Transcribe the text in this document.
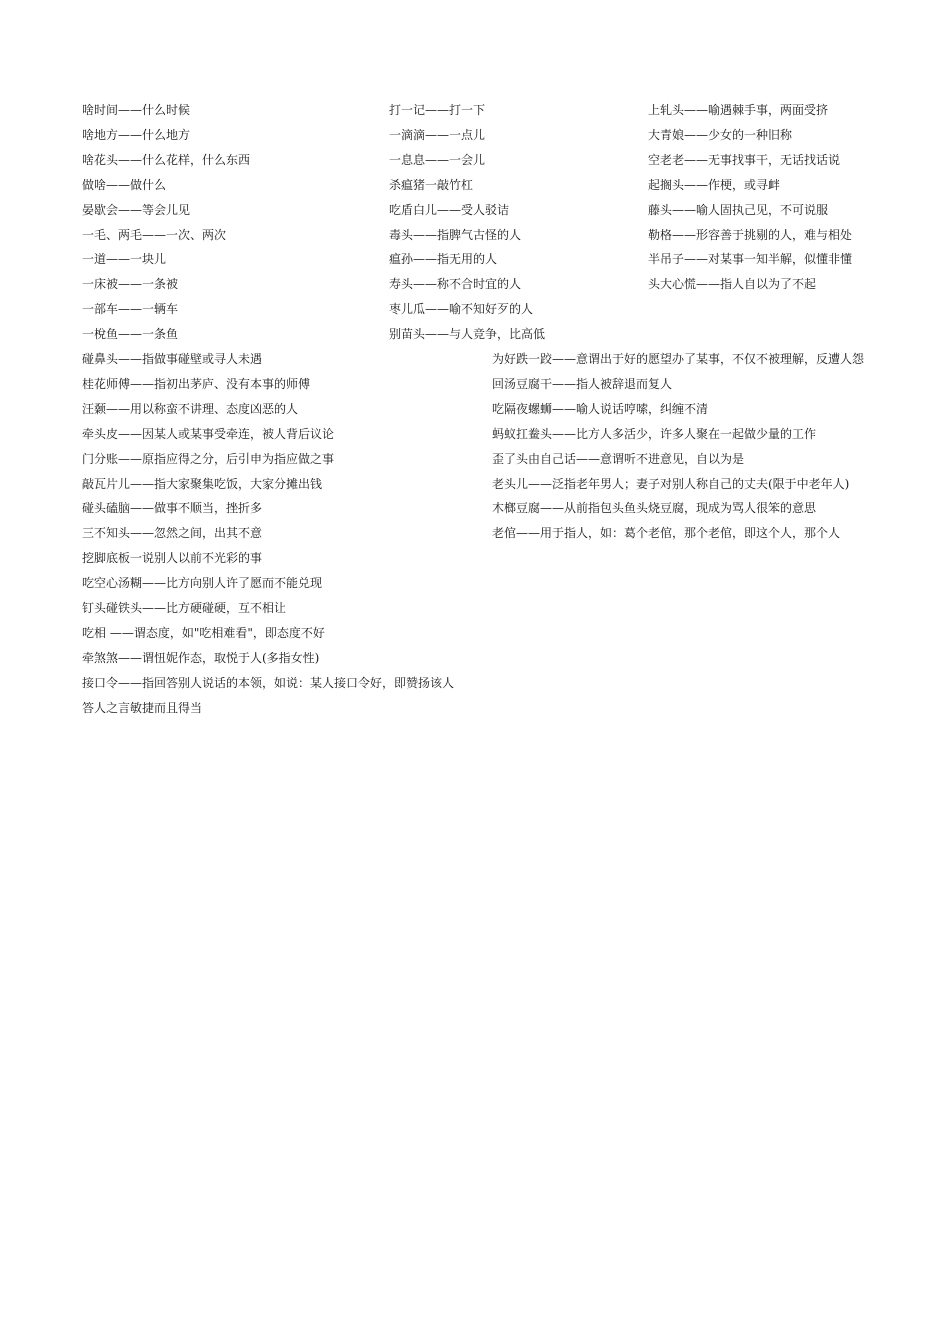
啥时间——什么时候
啥地方——什么地方
啥花头——什么花样，什么东西
做啥——做什么
晏歇会——等会儿见
一毛、两毛——一次、两次
一道——一块儿
一床被——一条被
一部车——一辆车
一梲鱼——一条鱼
打一记——打一下
一滴滴——一点儿
一息息——一会儿
杀瘟猪一敲竹杠
吃盾白儿——受人驳诘
毒头——指脾气古怪的人
瘟孙——指无用的人
寿头——称不合时宜的人
枣儿瓜——喻不知好歹的人
别苗头——与人竞争，比高低
上轧头——喻遇棘手事，两面受挤
大青娘——少女的一种旧称
空老老——无事找事干，无话找话说
起搁头——作梗，或寻衅
藤头——喻人固执己见，不可说服
勒格——形容善于挑剔的人，难与相处
半吊子——对某事一知半解，似懂非懂
头大心慌——指人自以为了不起
碰鼻头——指做事碰壁或寻人未遇
桂花师傅——指初出茅庐、没有本事的师傅
汪颡——用以称蛮不讲理、态度凶恶的人
牵头皮——因某人或某事受牵连，被人背后议论
门分账——原指应得之分，后引申为指应做之事
敲瓦片儿——指大家聚集吃饭，大家分摊出钱
碰头磕脑——做事不顺当，挫折多
三不知头——忽然之间，出其不意
挖脚底板一说别人以前不光彩的事
吃空心汤糊——比方向别人许了愿而不能兑现
钉头碰铁头——比方硬碰硬，互不相让
吃相 ——谓态度，如"吃相难看"，即态度不好
牵煞煞——谓忸妮作态，取悦于人(多指女性)
接口令——指回答别人说话的本领，如说：某人接口令好，即赞扬该人答人之言敏捷而且得当
为好跌一跤——意谓出于好的愿望办了某事，不仅不被理解，反遭人怨
回汤豆腐干——指人被辞退而复人
吃隔夜螺蛳——喻人说话哼嗦，纠缠不清
蚂蚁扛鲞头——比方人多活少，许多人聚在一起做少量的工作
歪了头由自己话——意谓听不进意见，自以为是
老头儿——泛指老年男人；妻子对别人称自己的丈夫(限于中老年人)
木榔豆腐——从前指包头鱼头烧豆腐，现成为骂人很笨的意思
老倌——用于指人，如：葛个老倌，那个老倌，即这个人，那个人
